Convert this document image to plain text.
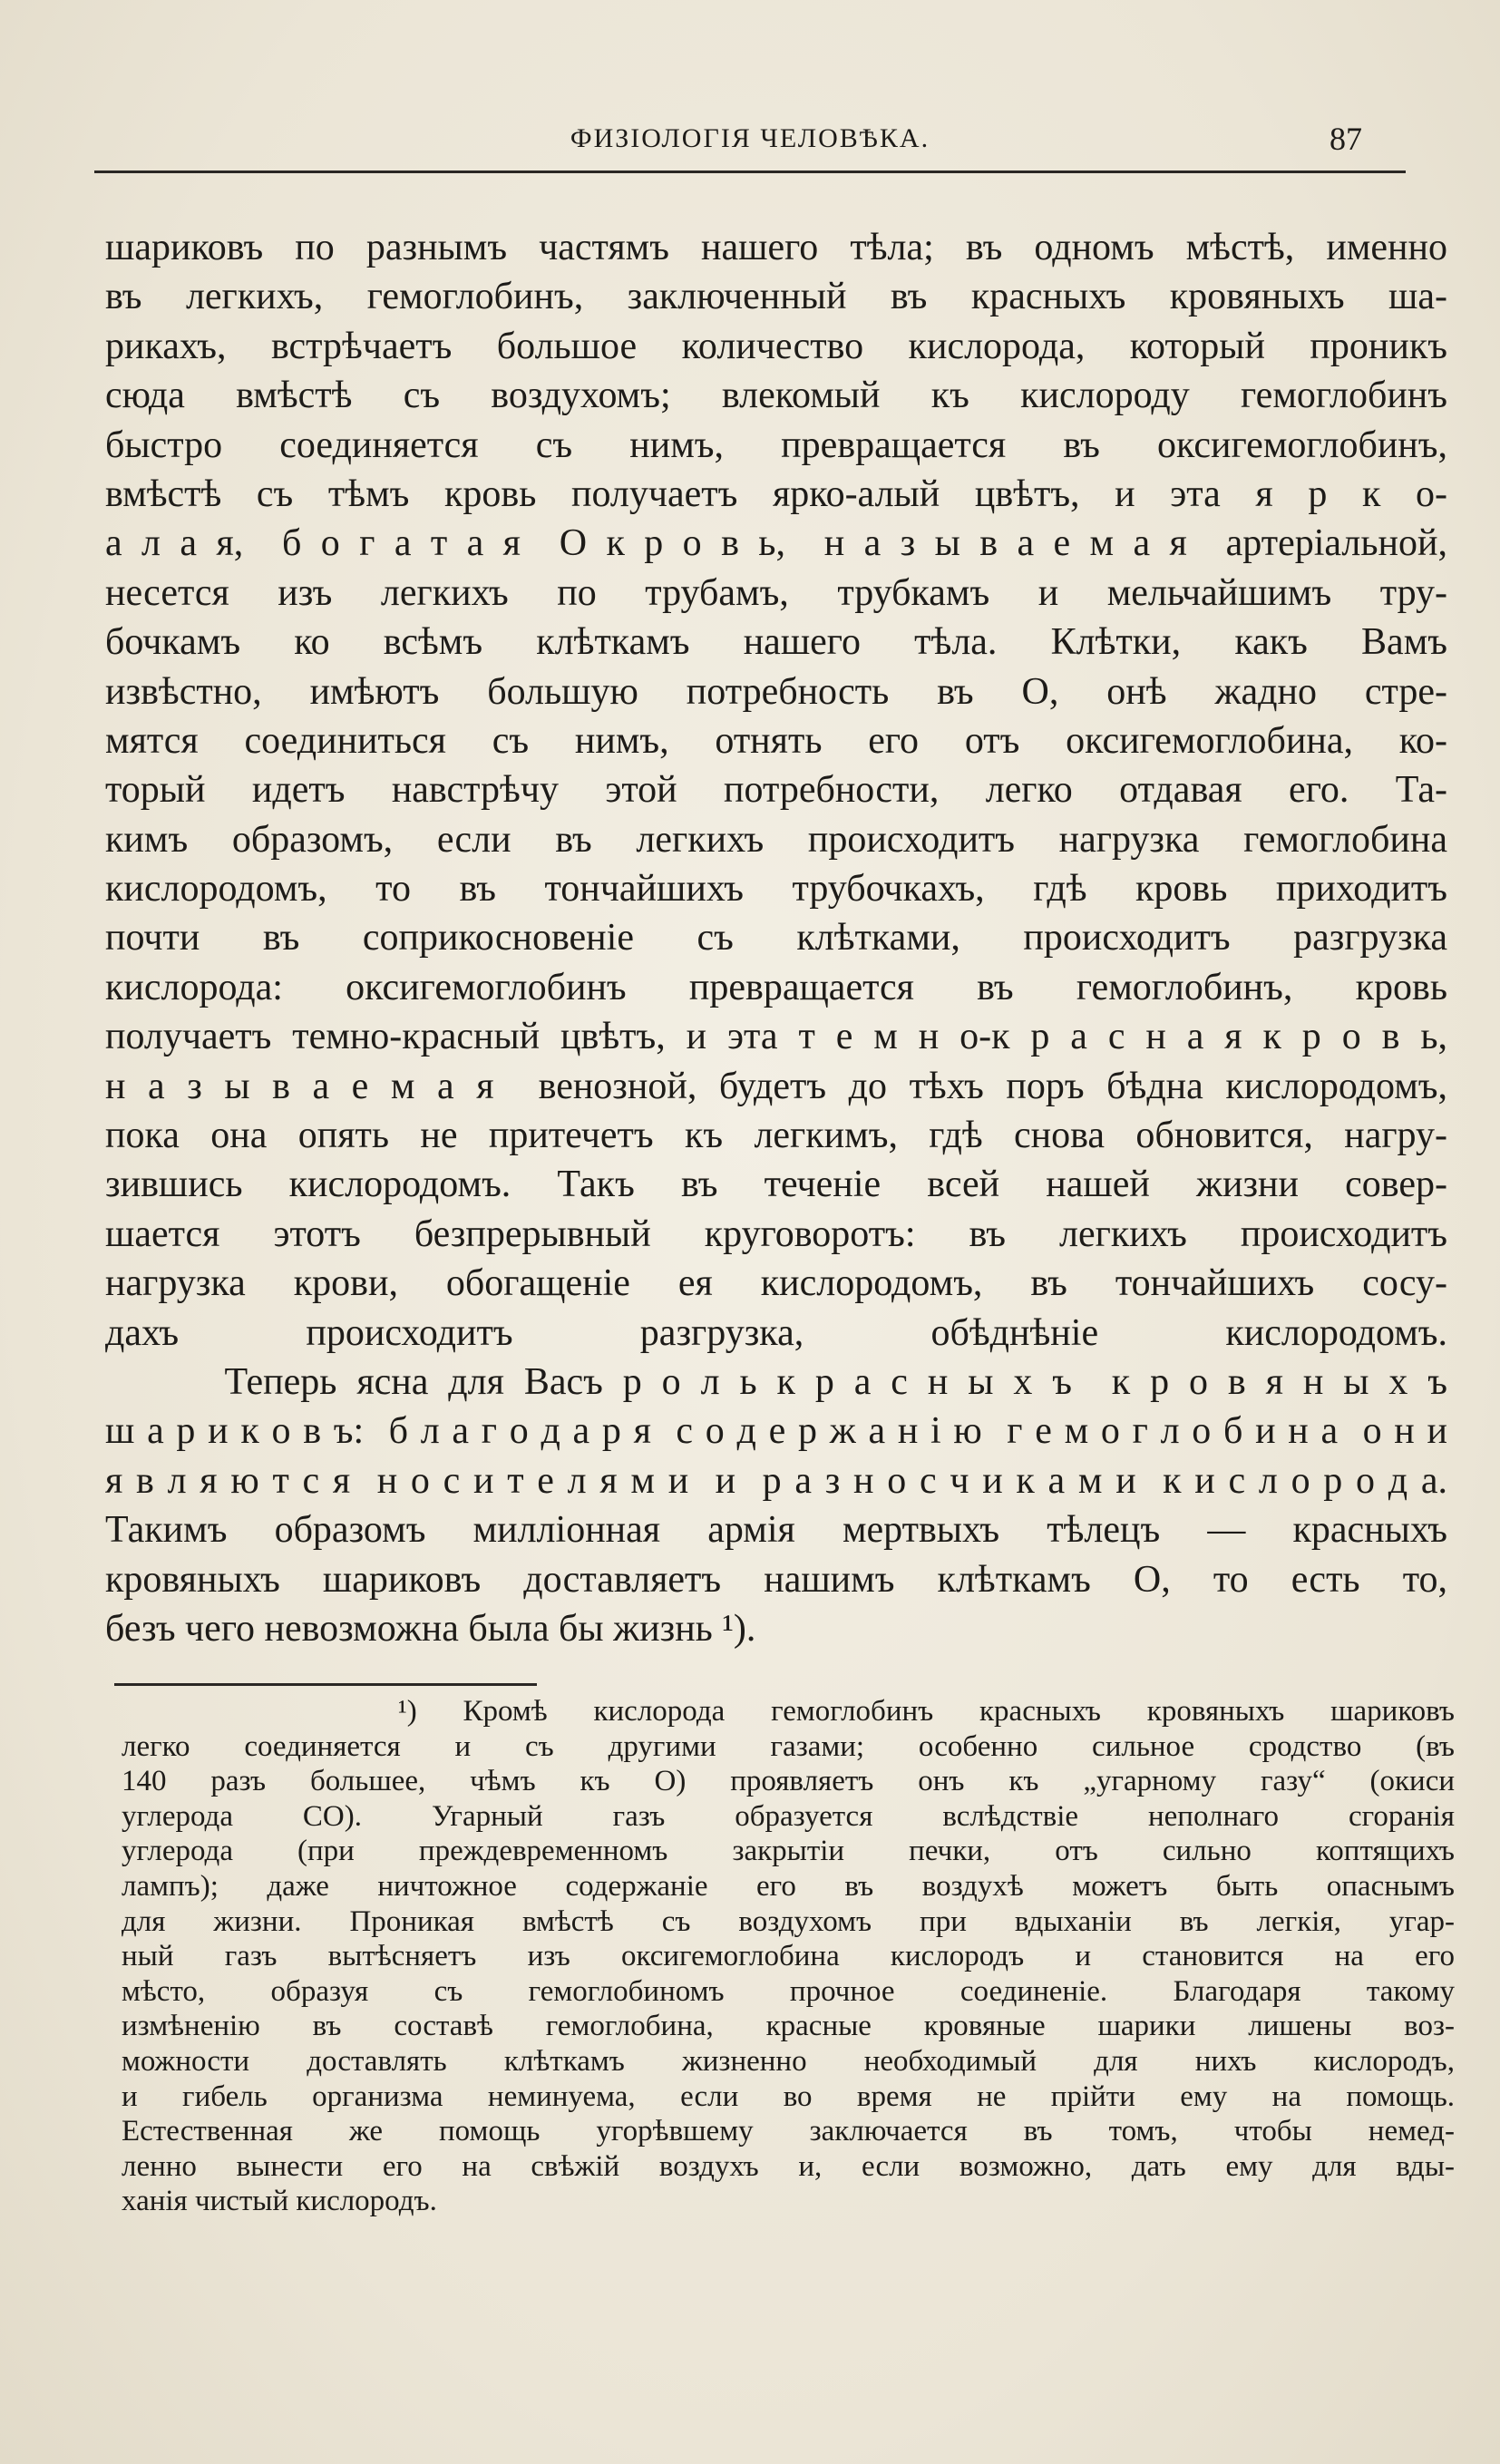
ФИЗІОЛОГІЯ ЧЕЛОВѢКА.	87
шариковъ по разнымъ частямъ нашего тѣла; въ одномъ мѣстѣ, именно
въ легкихъ, гемоглобинъ, заключенный въ красныхъ кровяныхъ ша-
рикахъ, встрѣчаетъ большое количество кислорода, который проникъ
сюда вмѣстѣ съ воздухомъ; влекомый къ кислороду гемоглобинъ
быстро соединяется съ нимъ, превращается въ оксигемоглобинъ,
вмѣстѣ съ тѣмъ кровь получаетъ ярко-алый цвѣтъ, и эта я р к о-
а л а я,  б о г а т а я  О к р о в ь,  н а з ы в а е м а я  артеріальной,
несется изъ легкихъ по трубамъ, трубкамъ и мельчайшимъ тру-
бочкамъ ко всѣмъ клѣткамъ нашего тѣла. Клѣтки, какъ Вамъ
извѣстно, имѣютъ большую потребность въ О, онѣ жадно стре-
мятся соединиться съ нимъ, отнять его отъ оксигемоглобина, ко-
торый идетъ навстрѣчу этой потребности, легко отдавая его. Та-
кимъ образомъ, если въ легкихъ происходитъ нагрузка гемоглобина
кислородомъ, то въ тончайшихъ трубочкахъ, гдѣ кровь приходитъ
почти въ соприкосновеніе съ клѣтками, происходитъ разгрузка
кислорода: оксигемоглобинъ превращается въ гемоглобинъ, кровь
получаетъ темно-красный цвѣтъ, и эта т е м н о-к р а с н а я к р о в ь,
н а з ы в а е м а я  венозной, будетъ до тѣхъ поръ бѣдна кислородомъ,
пока она опять не притечетъ къ легкимъ, гдѣ снова обновится, нагру-
зившись кислородомъ. Такъ въ теченіе всей нашей жизни совер-
шается этотъ безпрерывный круговоротъ: въ легкихъ происходитъ
нагрузка крови, обогащеніе ея кислородомъ, въ тончайшихъ сосу-
дахъ происходитъ разгрузка, обѣднѣніе кислородомъ.
Теперь ясна для Васъ р о л ь к р а с н ы х ъ  к р о в я н ы х ъ
ш а р и к о в ъ:  б л а г о д а р я  с о д е р ж а н і ю  г е м о г л о б и н а  о н и
я в л я ю т с я  н о с и т е л я м и  и  р а з н о с ч и к а м и  к и с л о р о д а.
Такимъ образомъ милліонная армія мертвыхъ тѣлецъ — красныхъ
кровяныхъ шариковъ доставляетъ нашимъ клѣткамъ О, то есть то,
безъ чего невозможна была бы жизнь ¹).
¹) Кромѣ кислорода гемоглобинъ красныхъ кровяныхъ шариковъ
легко соединяется и съ другими газами; особенно сильное сродство (въ
140 разъ большее, чѣмъ къ О) проявляетъ онъ къ „угарному газу“ (окиси
углерода СО). Угарный газъ образуется вслѣдствіе неполнаго сгоранія
углерода (при преждевременномъ закрытіи печки, отъ сильно коптящихъ
лампъ); даже ничтожное содержаніе его въ воздухѣ можетъ быть опаснымъ
для жизни. Проникая вмѣстѣ съ воздухомъ при вдыханіи въ легкія, угар-
ный газъ вытѣсняетъ изъ оксигемоглобина кислородъ и становится на его
мѣсто, образуя съ гемоглобиномъ прочное соединеніе. Благодаря такому
измѣненію въ составѣ гемоглобина, красные кровяные шарики лишены воз-
можности доставлять клѣткамъ жизненно необходимый для нихъ кислородъ,
и гибель организма неминуема, если во время не прійти ему на помощь.
Естественная же помощь угорѣвшему заключается въ томъ, чтобы немед-
ленно вынести его на свѣжій воздухъ и, если возможно, дать ему для вды-
ханія чистый кислородъ.
